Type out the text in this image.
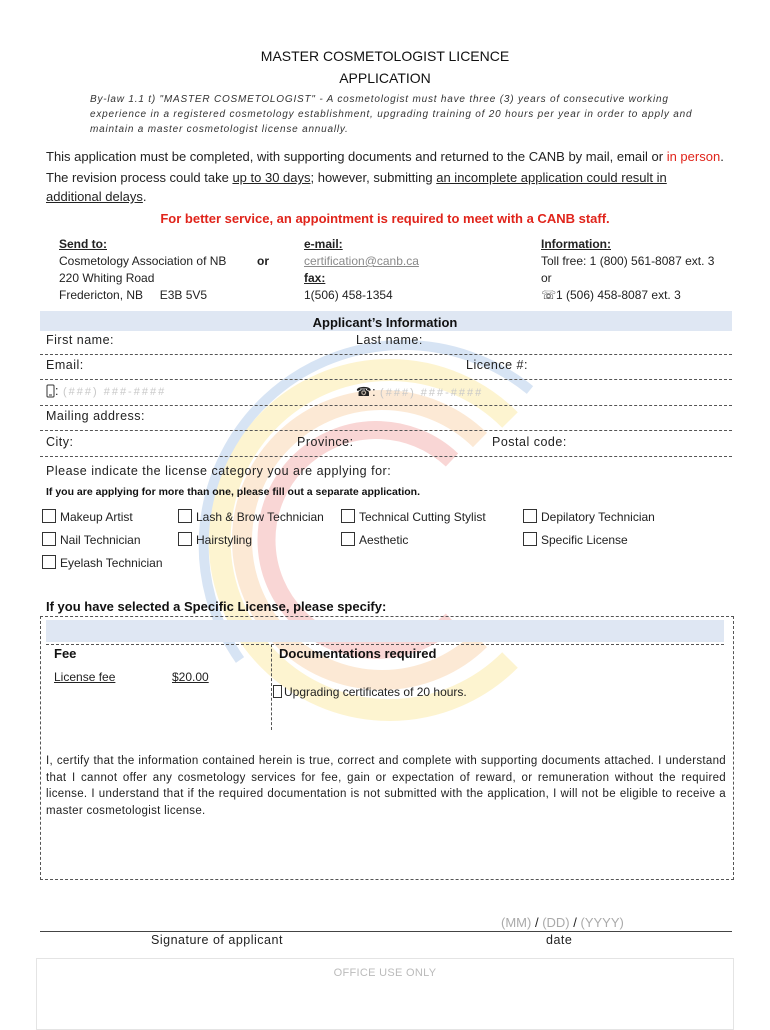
MASTER COSMETOLOGIST LICENCE
APPLICATION
By-law 1.1 t) "MASTER COSMETOLOGIST" - A cosmetologist must have three (3) years of consecutive working experience in a registered cosmetology establishment, upgrading training of 20 hours per year in order to apply and maintain a master cosmetologist license annually.
This application must be completed, with supporting documents and returned to the CANB by mail, email or in person.
The revision process could take up to 30 days; however, submitting an incomplete application could result in additional delays.
For better service, an appointment is required to meet with a CANB staff.
Send to:
Cosmetology Association of NB
220 Whiting Road
Fredericton, NB     E3B 5V5
or
e-mail:
certification@canb.ca
fax:
1(506) 458-1354
Information:
Toll free: 1 (800) 561-8087 ext. 3
or
☏1 (506) 458-8087 ext. 3
Applicant’s Information
First name:	Last name:
Email:	Licence #:
: (###) ###-####	☎: (###) ###-####
Mailing address:
City:	Province:	Postal code:
Please indicate the license category you are applying for:
If you are applying for more than one, please fill out a separate application.
Makeup Artist	Lash & Brow Technician	Technical Cutting Stylist	Depilatory Technician
Nail Technician	Hairstyling	Aesthetic	Specific License
Eyelash Technician
If you have selected a Specific License, please specify:
Fee	Documentations required
License fee	$20.00
Upgrading certificates of 20 hours.
I, certify that the information contained herein is true, correct and complete with supporting documents attached. I understand that I cannot offer any cosmetology services for fee, gain or expectation of reward, or remuneration without the required license. I understand that if the required documentation is not submitted with the application, I will not be eligible to receive a master cosmetologist license.
(MM) / (DD) / (YYYY)
Signature of applicant	date
OFFICE USE ONLY
